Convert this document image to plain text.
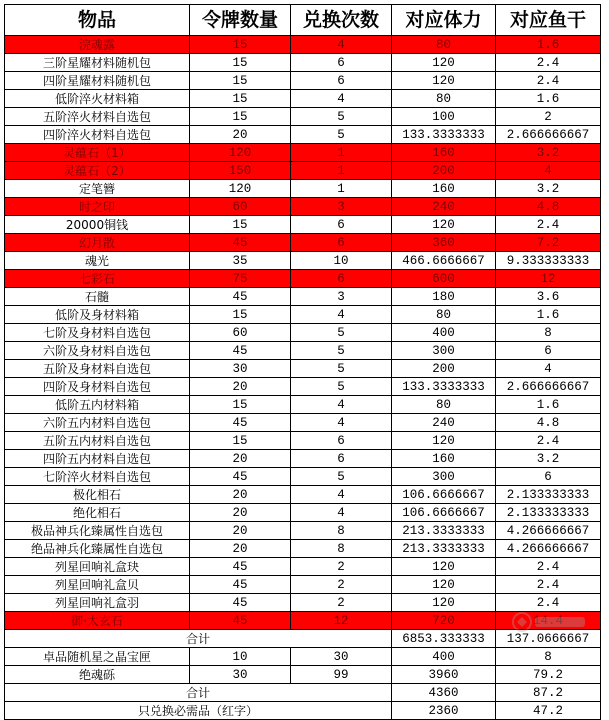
物品	令牌数量	兑换次数	对应体力	对应鱼干
浣魂露	15	4	80	1.6
三阶星耀材料随机包	15	6	120	2.4
四阶星耀材料随机包	15	6	120	2.4
低阶淬火材料箱	15	4	80	1.6
五阶淬火材料自选包	15	5	100	2
四阶淬火材料自选包	20	5	133.3333333	2.666666667
灵蕴石（1）	120	1	160	3.2
灵蕴石（2）	150	1	200	4
定笔簪	120	1	160	3.2
时之印	60	3	240	4.8
20000铜钱	15	6	120	2.4
幻月散	45	6	360	7.2
魂光	35	10	466.6666667	9.333333333
七彩石	75	6	600	12
石髓	45	3	180	3.6
低阶及身材料箱	15	4	80	1.6
七阶及身材料自选包	60	5	400	8
六阶及身材料自选包	45	5	300	6
五阶及身材料自选包	30	5	200	4
四阶及身材料自选包	20	5	133.3333333	2.666666667
低阶五内材料箱	15	4	80	1.6
六阶五内材料自选包	45	4	240	4.8
五阶五内材料自选包	15	6	120	2.4
四阶五内材料自选包	20	6	160	3.2
七阶淬火材料自选包	45	5	300	6
极化相石	20	4	106.6666667	2.133333333
绝化相石	20	4	106.6666667	2.133333333
极品神兵化臻属性自选包	20	8	213.3333333	4.266666667
绝品神兵化臻属性自选包	20	8	213.3333333	4.266666667
列星回响礼盒玦	45	2	120	2.4
列星回响礼盒贝	45	2	120	2.4
列星回响礼盒羽	45	2	120	2.4
御·太玄石	45	12	720	14.4
合计			6853.333333	137.0666667
卓品随机星之晶宝匣	10	30	400	8
绝魂砾	30	99	3960	79.2
合计			4360	87.2
只兑换必需品（红字）			2360	47.2
